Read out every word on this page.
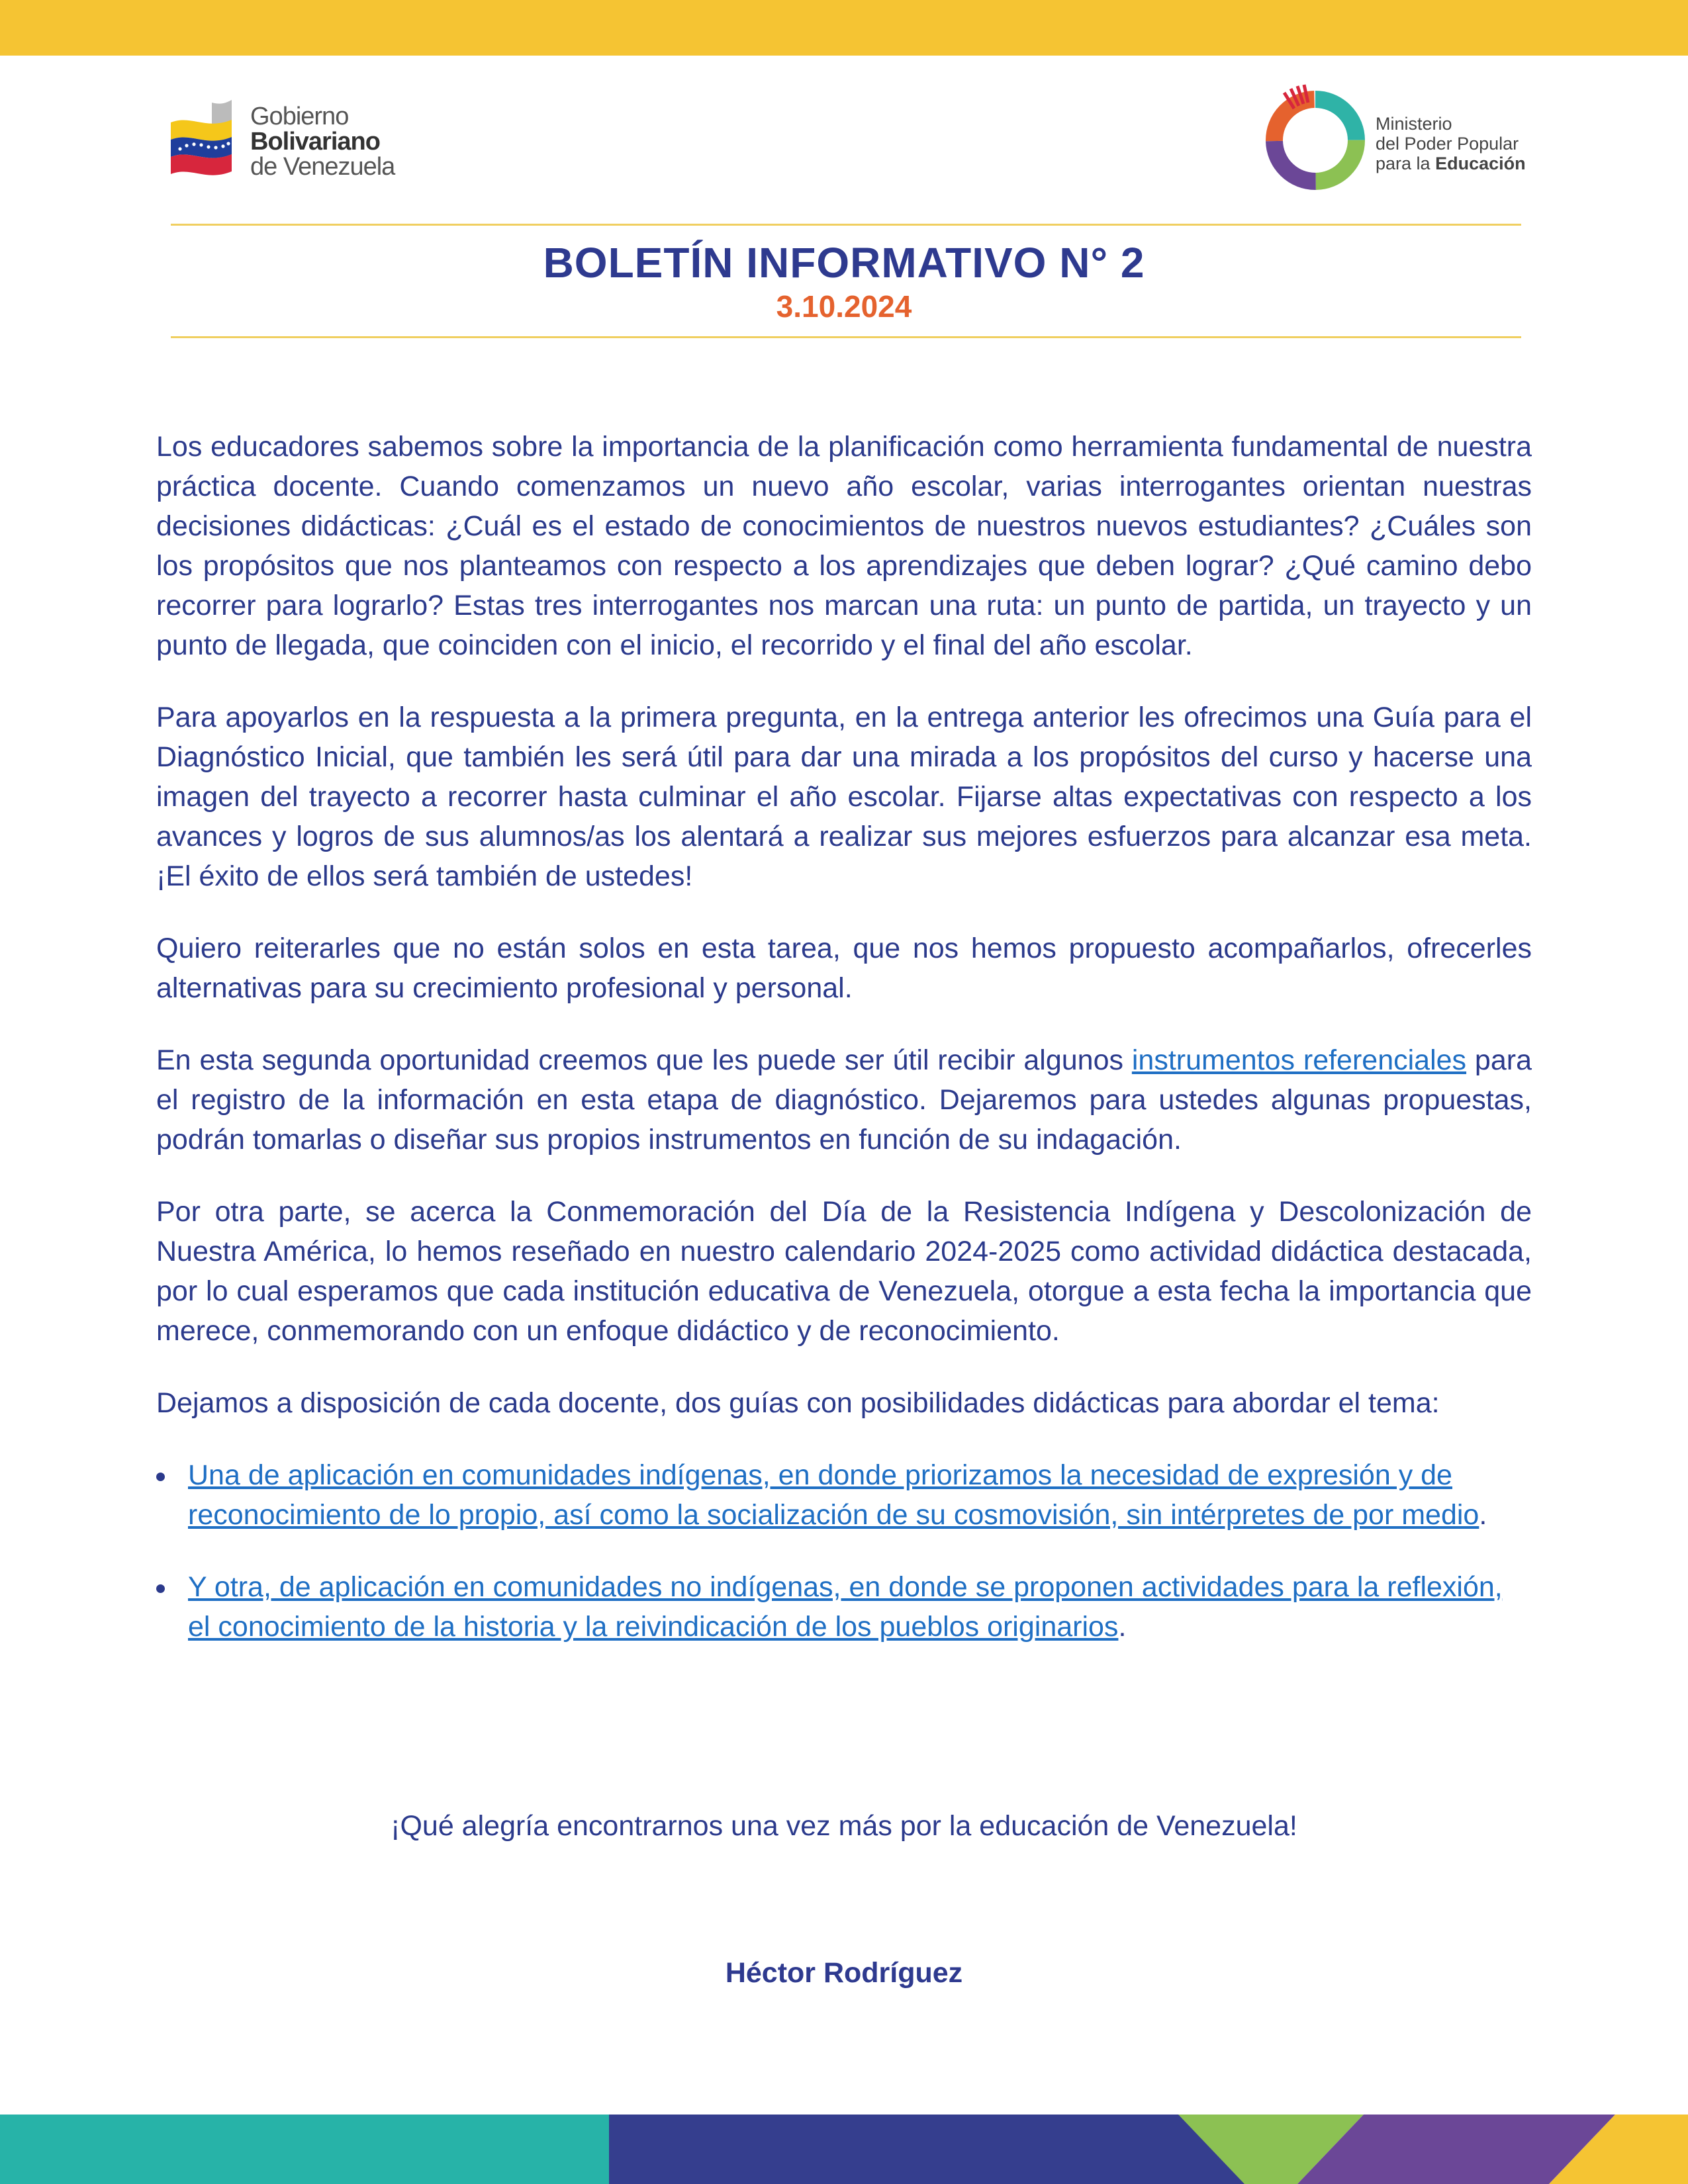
Gobierno
Bolivariano
de Venezuela
Ministerio
del Poder Popular
para la Educación
BOLETÍN INFORMATIVO N° 2
3.10.2024

Los educadores sabemos sobre la importancia de la planificación como herramienta fundamental de nuestra práctica docente. Cuando comenzamos un nuevo año escolar, varias interrogantes orientan nuestras decisiones didácticas: ¿Cuál es el estado de conocimientos de nuestros nuevos estudiantes? ¿Cuáles son los propósitos que nos planteamos con respecto a los aprendizajes que deben lograr? ¿Qué camino debo recorrer para lograrlo? Estas tres interrogantes nos marcan una ruta: un punto de partida, un trayecto y un punto de llegada, que coinciden con el inicio, el recorrido y el final del año escolar.

Para apoyarlos en la respuesta a la primera pregunta, en la entrega anterior les ofrecimos una Guía para el Diagnóstico Inicial, que también les será útil para dar una mirada a los propósitos del curso y hacerse una imagen del trayecto a recorrer hasta culminar el año escolar. Fijarse altas expectativas con respecto a los avances y logros de sus alumnos/as los alentará a realizar sus mejores esfuerzos para alcanzar esa meta. ¡El éxito de ellos será también de ustedes!

Quiero reiterarles que no están solos en esta tarea, que nos hemos propuesto acompañarlos, ofrecerles alternativas para su crecimiento profesional y personal.

En esta segunda oportunidad creemos que les puede ser útil recibir algunos instrumentos referenciales para el registro de la información en esta etapa de diagnóstico. Dejaremos para ustedes algunas propuestas, podrán tomarlas o diseñar sus propios instrumentos en función de su indagación.

Por otra parte, se acerca la Conmemoración del Día de la Resistencia Indígena y Descolonización de Nuestra América, lo hemos reseñado en nuestro calendario 2024-2025 como actividad didáctica destacada, por lo cual esperamos que cada institución educativa de Venezuela, otorgue a esta fecha la importancia que merece, conmemorando con un enfoque didáctico y de reconocimiento.

Dejamos a disposición de cada docente, dos guías con posibilidades didácticas para abordar el tema:

Una de aplicación en comunidades indígenas, en donde priorizamos la necesidad de expresión y de reconocimiento de lo propio, así como la socialización de su cosmovisión, sin intérpretes de por medio.
Y otra, de aplicación en comunidades no indígenas, en donde se proponen actividades para la reflexión, el conocimiento de la historia y la reivindicación de los pueblos originarios.
¡Qué alegría encontrarnos una vez más por la educación de Venezuela!
Héctor Rodríguez
